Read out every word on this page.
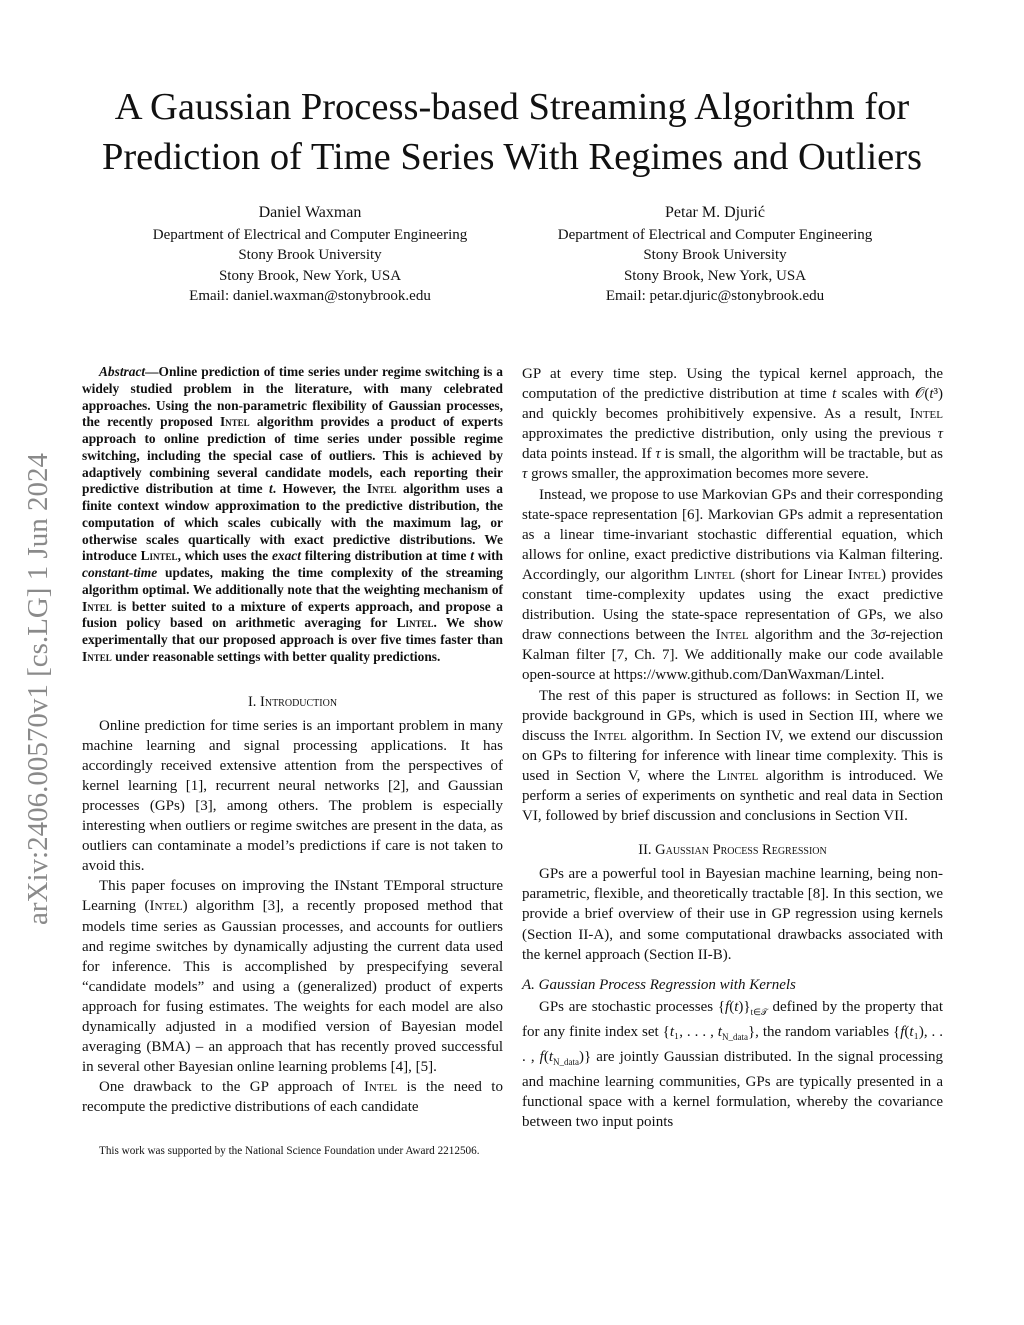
A Gaussian Process-based Streaming Algorithm for
Prediction of Time Series With Regimes and Outliers
Daniel Waxman
Department of Electrical and Computer Engineering
Stony Brook University
Stony Brook, New York, USA
Email: daniel.waxman@stonybrook.edu
Petar M. Djurić
Department of Electrical and Computer Engineering
Stony Brook University
Stony Brook, New York, USA
Email: petar.djuric@stonybrook.edu
arXiv:2406.00570v1 [cs.LG] 1 Jun 2024
Abstract—Online prediction of time series under regime switching is a widely studied problem in the literature, with many celebrated approaches. Using the non-parametric flexibility of Gaussian processes, the recently proposed Intel algorithm provides a product of experts approach to online prediction of time series under possible regime switching, including the special case of outliers. This is achieved by adaptively combining several candidate models, each reporting their predictive distribution at time t. However, the Intel algorithm uses a finite context window approximation to the predictive distribution, the computation of which scales cubically with the maximum lag, or otherwise scales quartically with exact predictive distributions. We introduce Lintel, which uses the exact filtering distribution at time t with constant-time updates, making the time complexity of the streaming algorithm optimal. We additionally note that the weighting mechanism of Intel is better suited to a mixture of experts approach, and propose a fusion policy based on arithmetic averaging for Lintel. We show experimentally that our proposed approach is over five times faster than Intel under reasonable settings with better quality predictions.
I. Introduction

Online prediction for time series is an important problem in many machine learning and signal processing applications. It has accordingly received extensive attention from the perspectives of kernel learning [1], recurrent neural networks [2], and Gaussian processes (GPs) [3], among others. The problem is especially interesting when outliers or regime switches are present in the data, as outliers can contaminate a model’s predictions if care is not taken to avoid this.

This paper focuses on improving the INstant TEmporal structure Learning (Intel) algorithm [3], a recently proposed method that models time series as Gaussian processes, and accounts for outliers and regime switches by dynamically adjusting the current data used for inference. This is accomplished by prespecifying several “candidate models” and using a (generalized) product of experts approach for fusing estimates. The weights for each model are also dynamically adjusted in a modified version of Bayesian model averaging (BMA) – an approach that has recently proved successful in several other Bayesian online learning problems [4], [5].

One drawback to the GP approach of Intel is the need to recompute the predictive distributions of each candidate

This work was supported by the National Science Foundation under Award 2212506.

GP at every time step. Using the typical kernel approach, the computation of the predictive distribution at time t scales with 𝒪(t³) and quickly becomes prohibitively expensive. As a result, Intel approximates the predictive distribution, only using the previous τ data points instead. If τ is small, the algorithm will be tractable, but as τ grows smaller, the approximation becomes more severe.

Instead, we propose to use Markovian GPs and their corresponding state-space representation [6]. Markovian GPs admit a representation as a linear time-invariant stochastic differential equation, which allows for online, exact predictive distributions via Kalman filtering. Accordingly, our algorithm Lintel (short for Linear Intel) provides constant time-complexity updates using the exact predictive distribution. Using the state-space representation of GPs, we also draw connections between the Intel algorithm and the 3σ-rejection Kalman filter [7, Ch. 7]. We additionally make our code available open-source at https://www.github.com/DanWaxman/Lintel.

The rest of this paper is structured as follows: in Section II, we provide background in GPs, which is used in Section III, where we discuss the Intel algorithm. In Section IV, we extend our discussion on GPs to filtering for inference with linear time complexity. This is used in Section V, where the Lintel algorithm is introduced. We perform a series of experiments on synthetic and real data in Section VI, followed by brief discussion and conclusions in Section VII.

II. Gaussian Process Regression

GPs are a powerful tool in Bayesian machine learning, being non-parametric, flexible, and theoretically tractable [8]. In this section, we provide a brief overview of their use in GP regression using kernels (Section II-A), and some computational drawbacks associated with the kernel approach (Section II-B).

A. Gaussian Process Regression with Kernels

GPs are stochastic processes $\{f(t)\}_{t\in 𝒯}$ defined by the property that for any finite index set {t₁, . . . , $t_{N\_data}$}, the random variables {f(t₁), . . . , $f(t_{N\_data})$} are jointly Gaussian distributed. In the signal processing and machine learning communities, GPs are typically presented in a functional space with a kernel formulation, whereby the covariance between two input points
